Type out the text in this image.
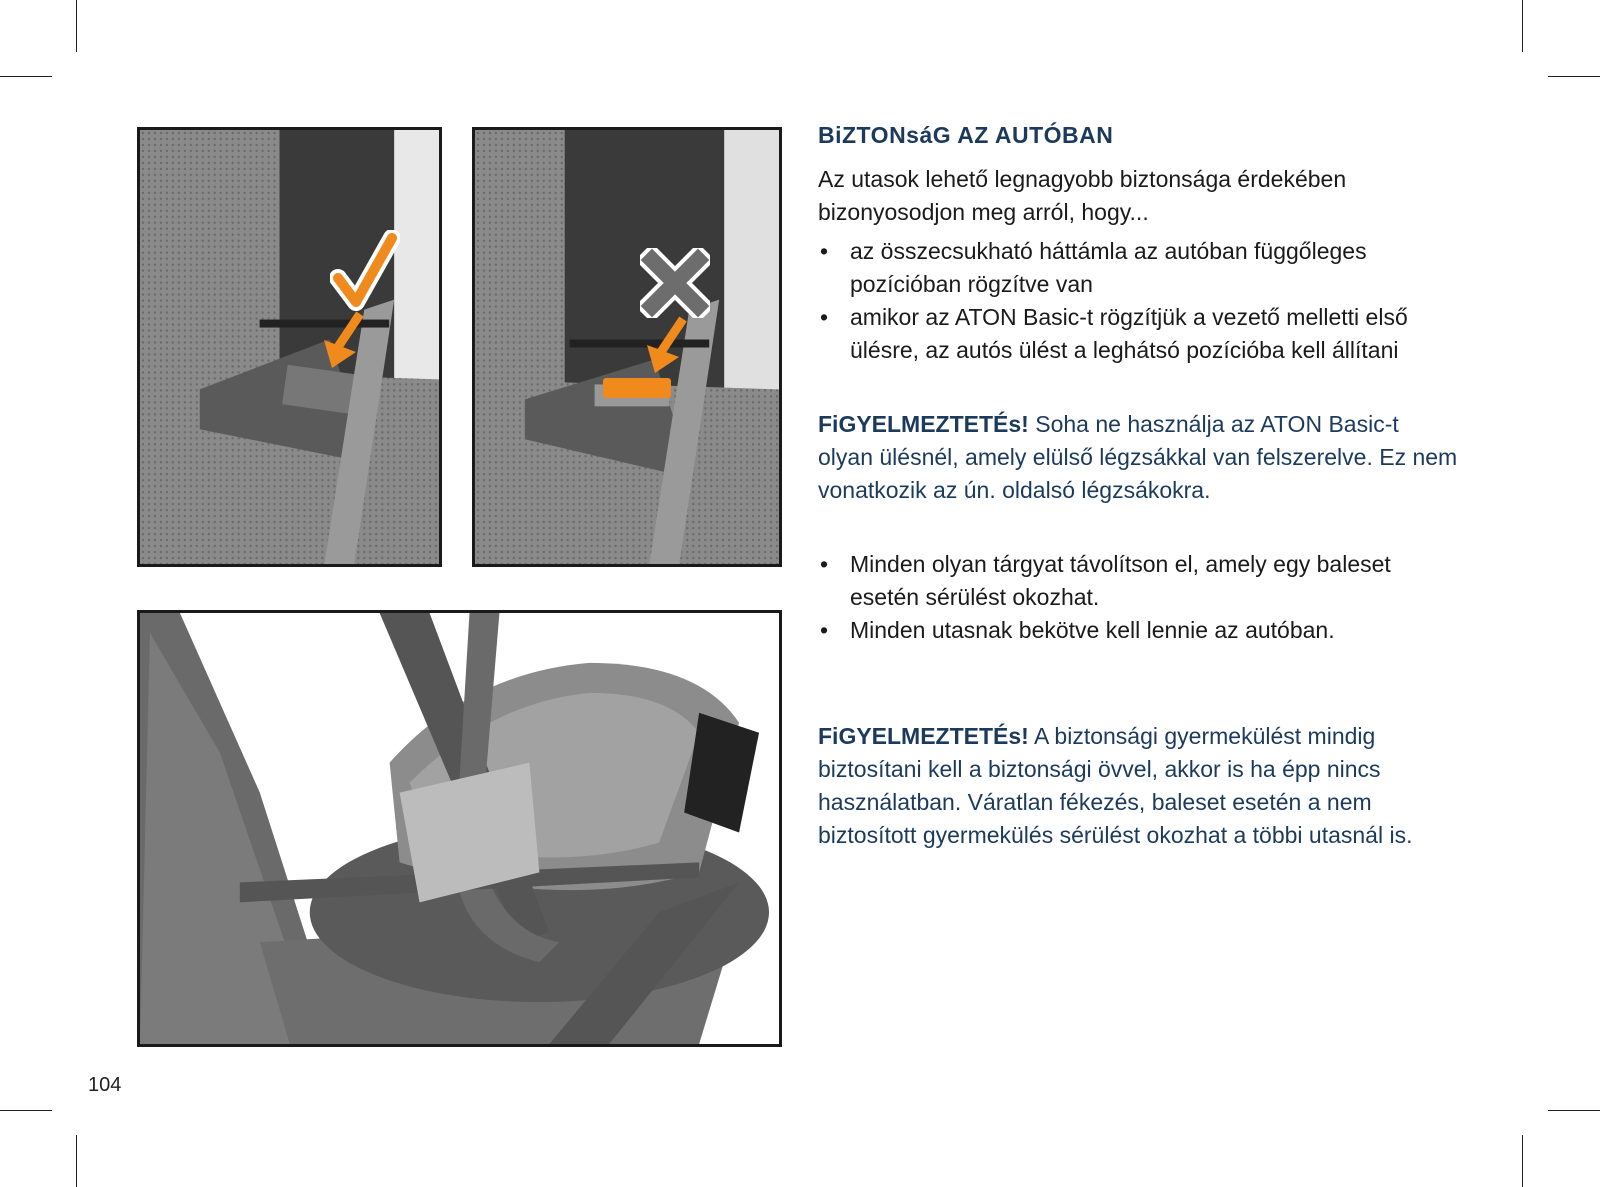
BiZTONsáG AZ AUTÓBAN

Az utasok lehető legnagyobb biztonsága érdekében bizonyosodjon meg arról, hogy...

• az összecsukható háttámla az autóban függőleges pozícióban rögzítve van
• amikor az ATON Basic-t rögzítjük a vezető melletti első ülésre, az autós ülést a leghátsó pozícióba kell állítani
FiGYELMEZTETÉs! Soha ne használja az ATON Basic-t olyan ülésnél, amely elülső légzsákkal van felszerelve. Ez nem vonatkozik az ún. oldalsó légzsákokra.
• Minden olyan tárgyat távolítson el, amely egy baleset esetén sérülést okozhat.
• Minden utasnak bekötve kell lennie az autóban.
FiGYELMEZTETÉs! A biztonsági gyermekülést mindig biztosítani kell a biztonsági övvel, akkor is ha épp nincs használatban. Váratlan fékezés, baleset esetén a nem biztosított gyermekülés sérülést okozhat a többi utasnál is.
104
